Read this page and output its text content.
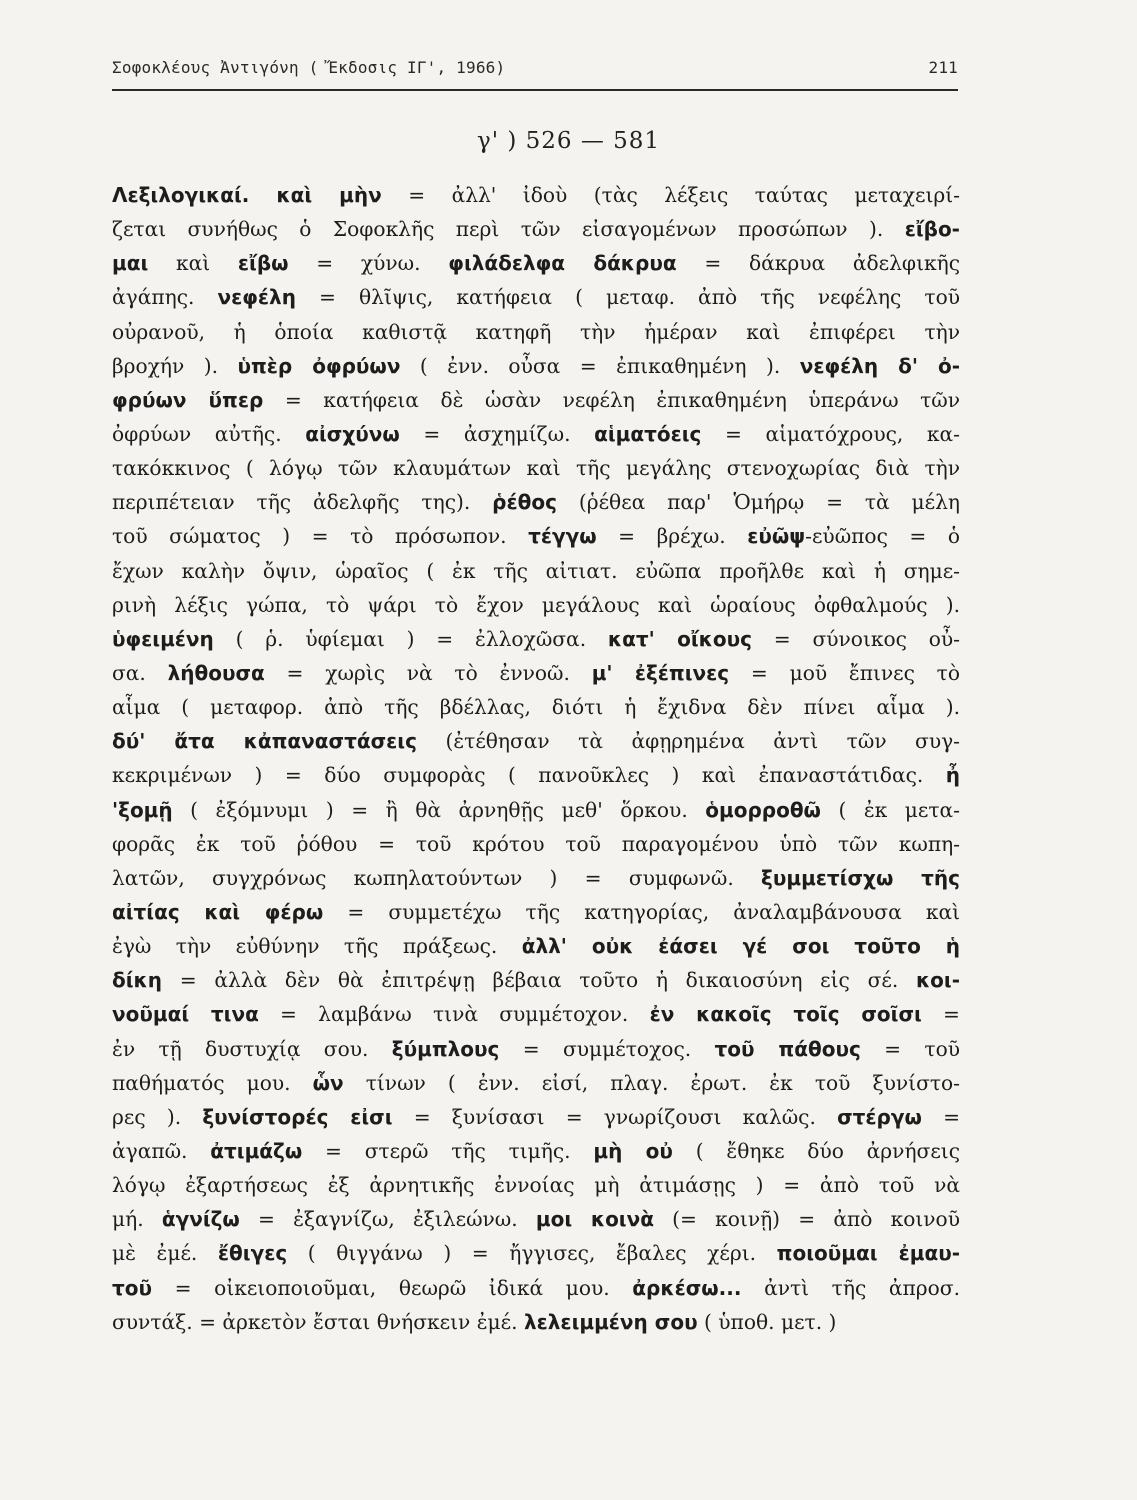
Σοφοκλέους Ἀντιγόνη ( Ἔκδοσις ΙΓ', 1966)	211
γ' ) 526 — 581
Λεξιλογικαί. καὶ μὴν = ἀλλ' ἰδοὺ (τὰς λέξεις ταύτας μεταχειρί-
ζεται συνήθως ὁ Σοφοκλῆς περὶ τῶν εἰσαγομένων προσώπων ). εἴβο-
μαι καὶ εἴβω = χύνω. φιλάδελφα δάκρυα = δάκρυα ἀδελφικῆς
ἀγάπης. νεφέλη = θλῖψις, κατήφεια ( μεταφ. ἀπὸ τῆς νεφέλης τοῦ
οὐρανοῦ, ἡ ὁποία καθιστᾷ κατηφῆ τὴν ἡμέραν καὶ ἐπιφέρει τὴν
βροχήν ). ὑπὲρ ὀφρύων ( ἐνν. οὖσα = ἐπικαθημένη ). νεφέλη δ' ὀ-
φρύων ὕπερ = κατήφεια δὲ ὡσὰν νεφέλη ἐπικαθημένη ὑπεράνω τῶν
ὀφρύων αὐτῆς. αἰσχύνω = ἀσχημίζω. αἱματόεις = αἱματόχρους, κα-
τακόκκινος ( λόγῳ τῶν κλαυμάτων καὶ τῆς μεγάλης στενοχωρίας διὰ τὴν
περιπέτειαν τῆς ἀδελφῆς της). ῥέθος (ῥέθεα παρ' Ὁμήρῳ = τὰ μέλη
τοῦ σώματος ) = τὸ πρόσωπον. τέγγω = βρέχω. εὐῶψ-εὐῶπος = ὁ
ἔχων καλὴν ὄψιν, ὡραῖος ( ἐκ τῆς αἰτιατ. εὐῶπα προῆλθε καὶ ἡ σημε-
ρινὴ λέξις γώπα, τὸ ψάρι τὸ ἔχον μεγάλους καὶ ὡραίους ὀφθαλμούς ).
ὑφειμένη ( ῥ. ὑφίεμαι ) = ἐλλοχῶσα. κατ' οἴκους = σύνοικος οὖ-
σα. λήθουσα = χωρὶς νὰ τὸ ἐννοῶ. μ' ἐξέπινες = μοῦ ἔπινες τὸ
αἷμα ( μεταφορ. ἀπὸ τῆς βδέλλας, διότι ἡ ἔχιδνα δὲν πίνει αἷμα ).
δύ' ἄτα κἀπαναστάσεις (ἐτέθησαν τὰ ἀφῃρημένα ἀντὶ τῶν συγ-
κεκριμένων ) = δύο συμφορὰς ( πανοῦκλες ) καὶ ἐπαναστάτιδας. ἦ
'ξομῇ ( ἐξόμνυμι ) = ἢ θὰ ἀρνηθῇς μεθ' ὅρκου. ὁμορροθῶ ( ἐκ μετα-
φορᾶς ἐκ τοῦ ῥόθου = τοῦ κρότου τοῦ παραγομένου ὑπὸ τῶν κωπη-
λατῶν, συγχρόνως κωπηλατούντων ) = συμφωνῶ. ξυμμετίσχω τῆς
αἰτίας καὶ φέρω = συμμετέχω τῆς κατηγορίας, ἀναλαμβάνουσα καὶ
ἐγὼ τὴν εὐθύνην τῆς πράξεως. ἀλλ' οὐκ ἐάσει γέ σοι τοῦτο ἡ
δίκη = ἀλλὰ δὲν θὰ ἐπιτρέψῃ βέβαια τοῦτο ἡ δικαιοσύνη εἰς σέ. κοι-
νοῦμαί τινα = λαμβάνω τινὰ συμμέτοχον. ἐν κακοῖς τοῖς σοῖσι =
ἐν τῇ δυστυχίᾳ σου. ξύμπλους = συμμέτοχος. τοῦ πάθους = τοῦ
παθήματός μου. ὧν τίνων ( ἐνν. εἰσί, πλαγ. ἐρωτ. ἐκ τοῦ ξυνίστο-
ρες ). ξυνίστορές εἰσι = ξυνίσασι = γνωρίζουσι καλῶς. στέργω =
ἀγαπῶ. ἀτιμάζω = στερῶ τῆς τιμῆς. μὴ οὐ ( ἔθηκε δύο ἀρνήσεις
λόγῳ ἐξαρτήσεως ἐξ ἀρνητικῆς ἐννοίας μὴ ἀτιμάσῃς ) = ἀπὸ τοῦ νὰ
μή. ἁγνίζω = ἐξαγνίζω, ἐξιλεώνω. μοι κοινὰ (= κοινῇ) = ἀπὸ κοινοῦ
μὲ ἐμέ. ἔθιγες ( θιγγάνω ) = ἤγγισες, ἔβαλες χέρι. ποιοῦμαι ἐμαυ-
τοῦ = οἰκειοποιοῦμαι, θεωρῶ ἰδικά μου. ἀρκέσω... ἀντὶ τῆς ἀπροσ.
συντάξ. = ἀρκετὸν ἔσται θνήσκειν ἐμέ. λελειμμένη σου ( ὑποθ. μετ. )
